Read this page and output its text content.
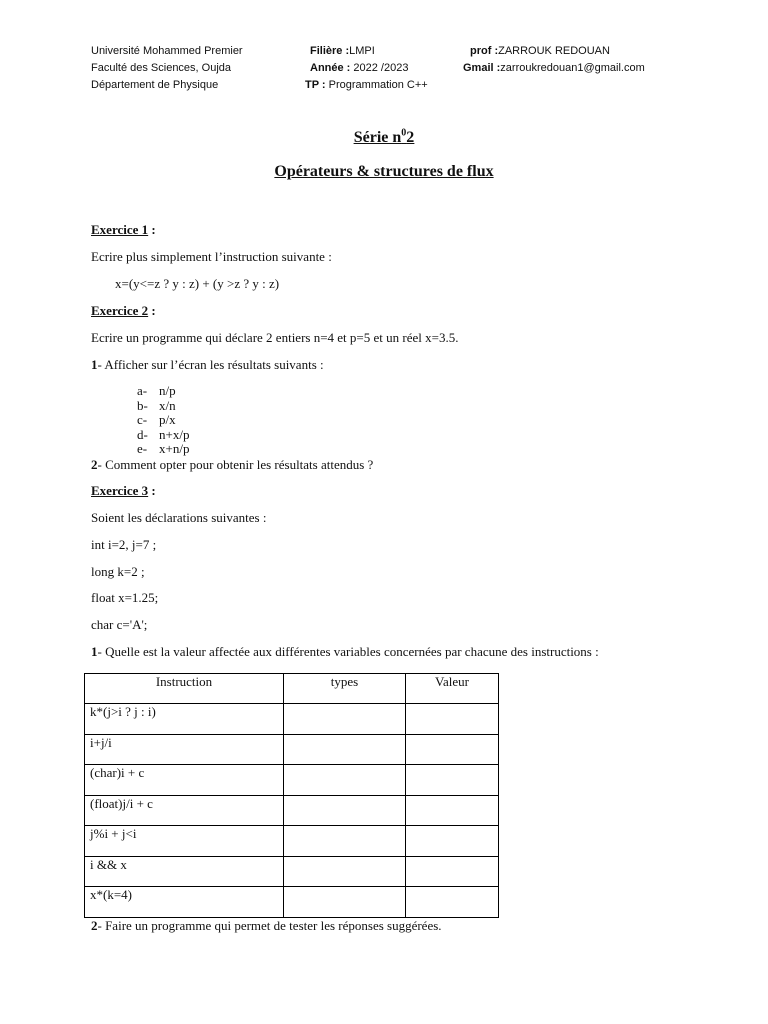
Université Mohammed Premier
Faculté des Sciences, Oujda
Département de Physique
Filière :LMPI
Année : 2022 /2023
TP : Programmation C++
prof :ZARROUK REDOUAN
Gmail :zarroukredouan1@gmail.com
Série $n^02$
Opérateurs & structures de flux
Exercice 1 :
Ecrire plus simplement l’instruction suivante :
x=(y<=z ? y : z) + (y >z ? y : z)
Exercice 2 :
Ecrire un programme qui déclare 2 entiers n=4 et p=5 et un réel x=3.5.
1- Afficher sur l’écran les résultats suivants :
a- n/p
b- x/n
c- p/x
d- n+x/p
e- x+n/p
2- Comment opter pour obtenir les résultats attendus ?
Exercice 3 :
Soient les déclarations suivantes :
int i=2, j=7 ;
long k=2 ;
float x=1.25;
char c='A';
1- Quelle est la valeur affectée aux différentes variables concernées par chacune des instructions :
Instruction	types	Valeur
k*(j>i ? j : i)		
i+j/i		
(char)i + c		
(float)j/i + c		
j%i + j<i		
i && x		
x*(k=4)		
2- Faire un programme qui permet de tester les réponses suggérées.
